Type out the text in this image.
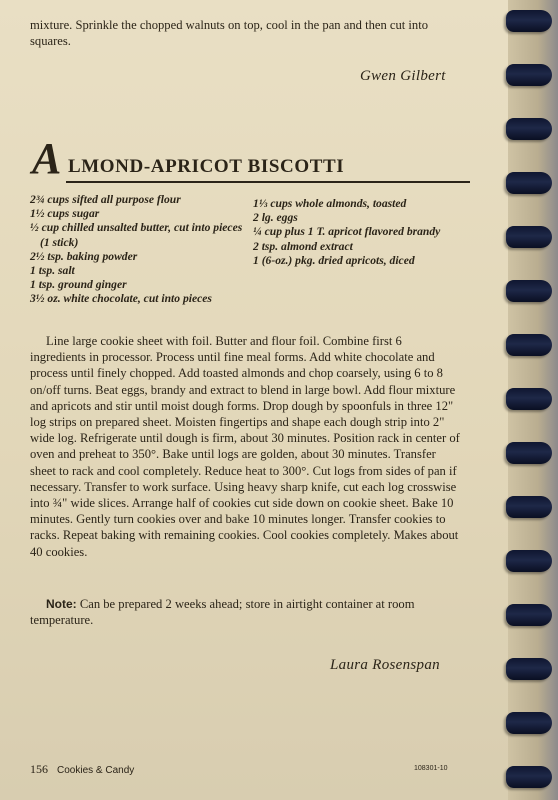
mixture. Sprinkle the chopped walnuts on top, cool in the pan and then cut into squares.
Gwen Gilbert
A LMOND-APRICOT BISCOTTI
2¾ cups sifted all purpose flour
1½ cups sugar
½ cup chilled unsalted butter, cut into pieces (1 stick)
2½ tsp. baking powder
1 tsp. salt
1 tsp. ground ginger
3½ oz. white chocolate, cut into pieces
1⅓ cups whole almonds, toasted
2 lg. eggs
¼ cup plus 1 T. apricot flavored brandy
2 tsp. almond extract
1 (6-oz.) pkg. dried apricots, diced
Line large cookie sheet with foil. Butter and flour foil. Combine first 6 ingredients in processor. Process until fine meal forms. Add white chocolate and process until finely chopped. Add toasted almonds and chop coarsely, using 6 to 8 on/off turns. Beat eggs, brandy and extract to blend in large bowl. Add flour mixture and apricots and stir until moist dough forms. Drop dough by spoonfuls in three 12" log strips on prepared sheet. Moisten fingertips and shape each dough strip into 2" wide log. Refrigerate until dough is firm, about 30 minutes. Position rack in center of oven and preheat to 350°. Bake until logs are golden, about 30 minutes. Transfer sheet to rack and cool completely. Reduce heat to 300°. Cut logs from sides of pan if necessary. Transfer to work surface. Using heavy sharp knife, cut each log crosswise into ¾" wide slices. Arrange half of cookies cut side down on cookie sheet. Bake 10 minutes. Gently turn cookies over and bake 10 minutes longer. Transfer cookies to racks. Repeat baking with remaining cookies. Cool cookies completely. Makes about 40 cookies.
Note: Can be prepared 2 weeks ahead; store in airtight container at room temperature.
Laura Rosenspan
156 Cookies & Candy	108301-10
